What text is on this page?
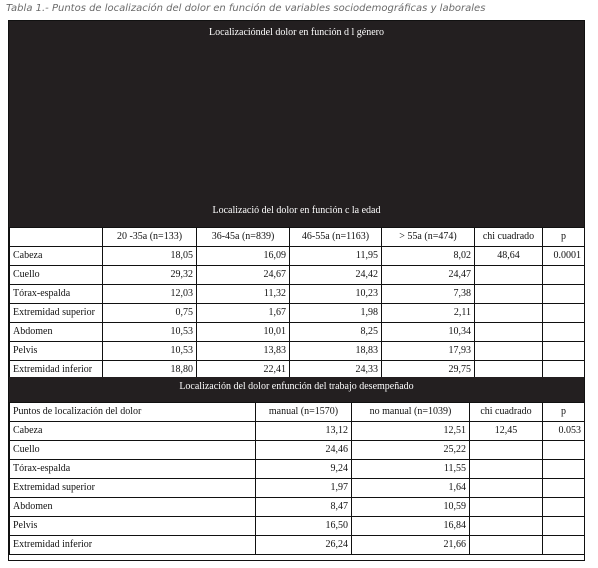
Tabla 1.- Puntos de localización del dolor en función de variables sociodemográficas y laborales
Localizacióndel dolor en función d l género
Localizació del dolor en función c la edad
	20 -35a (n=133)	36-45a (n=839)	46-55a (n=1163)	> 55a (n=474)	chi cuadrado	p
Cabeza	18,05	16,09	11,95	8,02	48,64	0.0001
Cuello	29,32	24,67	24,42	24,47		
Tórax-espalda	12,03	11,32	10,23	7,38		
Extremidad superior	0,75	1,67	1,98	2,11		
Abdomen	10,53	10,01	8,25	10,34		
Pelvis	10,53	13,83	18,83	17,93		
Extremidad inferior	18,80	22,41	24,33	29,75		
Localización del dolor enfunción del trabajo desempeñado
Puntos de localización del dolor	manual (n=1570)	no manual (n=1039)	chi cuadrado	p
Cabeza	13,12	12,51	12,45	0.053
Cuello	24,46	25,22		
Tórax-espalda	9,24	11,55		
Extremidad superior	1,97	1,64		
Abdomen	8,47	10,59		
Pelvis	16,50	16,84		
Extremidad inferior	26,24	21,66		
